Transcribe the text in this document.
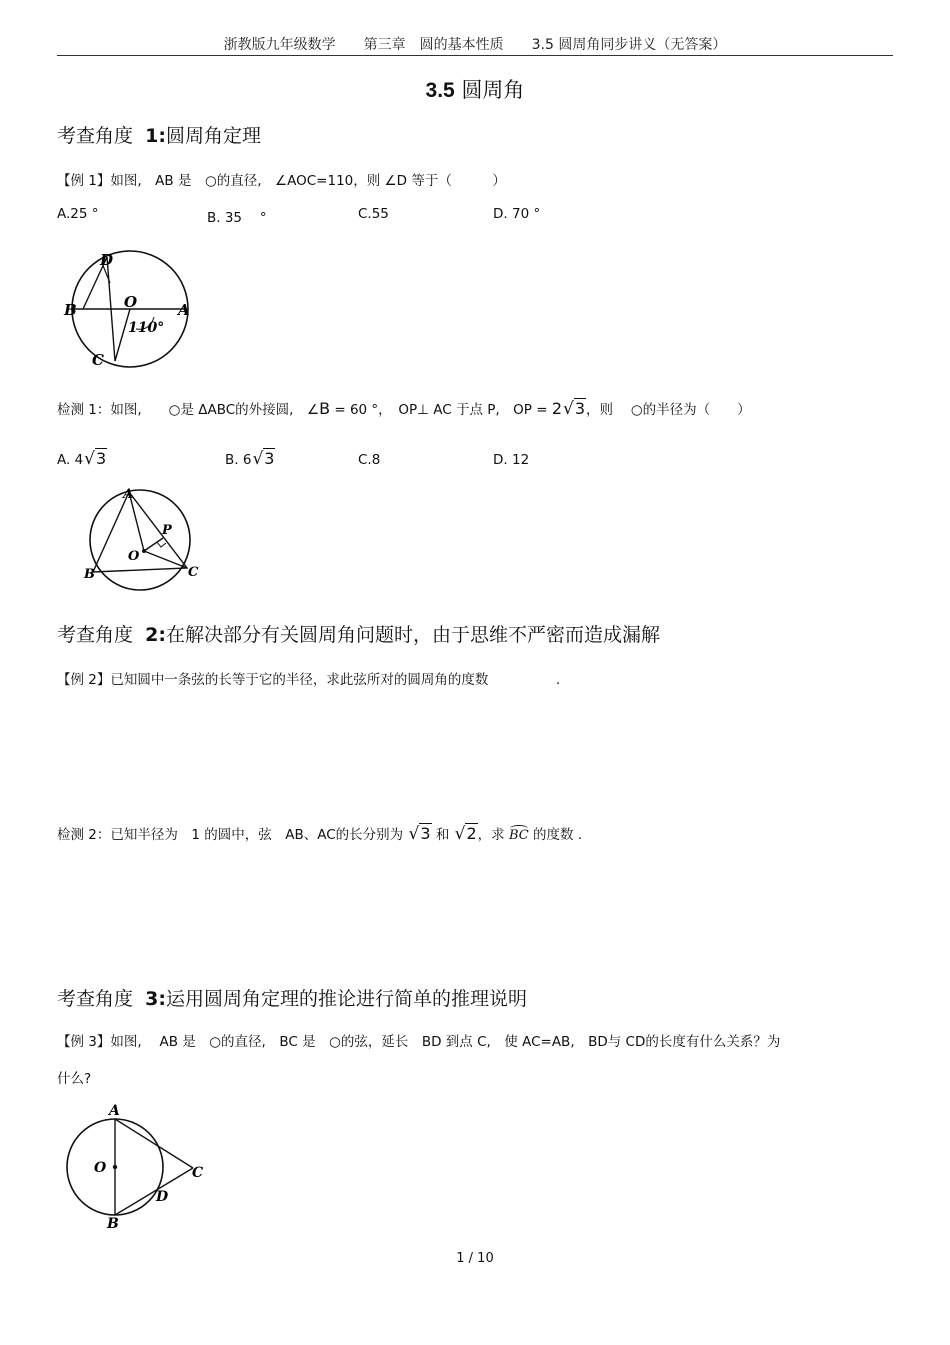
浙教版九年级数学　　第三章　圆的基本性质　　3.5 圆周角同步讲义（无答案）
3.5 圆周角
考查角度 1:圆周角定理
【例 1】如图,　AB 是　○的直径,　∠AOC=110，则 ∠D 等于（　　　）
A.25 °	B. 35　 °	C.55	D. 70 °
D
B	O	A
C
110°
检测 1：如图,　　○是 ΔABC的外接圆,　∠B = 60 °，　OP⊥ AC 于点 P,　OP = 2√3，则　 ○的半径为（　　）
A. 4√3	B. 6√3	C.8	D. 12
A
P
O
B	C
考查角度 2:在解决部分有关圆周角问题时，由于思维不严密而造成漏解
【例 2】已知圆中一条弦的长等于它的半径，求此弦所对的圆周角的度数　　　　　.
检测 2：已知半径为　1 的圆中，弦　AB、AC的长分别为 √3 和 √2，求 BC 的度数 .
考查角度 3:运用圆周角定理的推论进行简单的推理说明
【例 3】如图,　 AB 是　○的直径,　BC 是　○的弦，延长　BD 到点 C,　使 AC=AB,　BD与 CD的长度有什么关系？为
什么?
A
O	C
D
B
1 / 10
